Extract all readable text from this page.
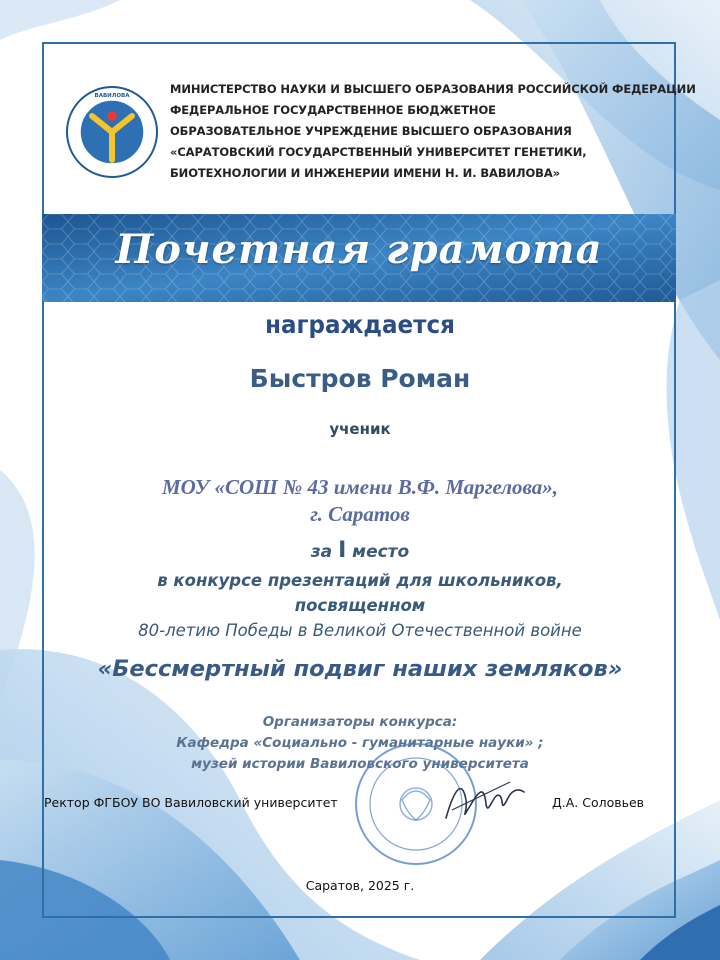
ВАВИЛОВА	МИНИСТЕРСТВО НАУКИ И ВЫСШЕГО ОБРАЗОВАНИЯ РОССИЙСКОЙ ФЕДЕРАЦИИ
ФЕДЕРАЛЬНОЕ ГОСУДАРСТВЕННОЕ БЮДЖЕТНОЕ
ОБРАЗОВАТЕЛЬНОЕ УЧРЕЖДЕНИЕ ВЫСШЕГО ОБРАЗОВАНИЯ
«САРАТОВСКИЙ ГОСУДАРСТВЕННЫЙ УНИВЕРСИТЕТ ГЕНЕТИКИ,
БИОТЕХНОЛОГИИ И ИНЖЕНЕРИИ ИМЕНИ Н. И. ВАВИЛОВА»
Почетная грамота
награждается
Быстров Роман
ученик
МОУ «СОШ № 43 имени В.Ф. Маргелова»,
г. Саратов
за I место
в конкурсе презентаций для школьников,
посвященном
80-летию Победы в Великой Отечественной войне
«Бессмертный подвиг наших земляков»
Организаторы конкурса:
Кафедра «Социально - гуманитарные науки» ;
музей истории Вавиловского университета
Ректор ФГБОУ ВО Вавиловский университет	Д.А. Соловьев
Саратов, 2025 г.
